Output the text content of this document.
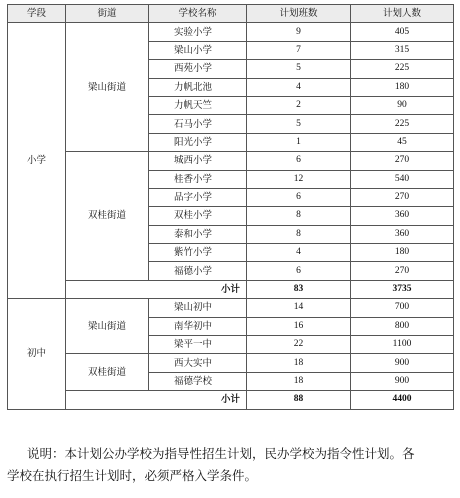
学段	街道	学校名称	计划班数	计划人数
小学	梁山街道	实验小学	9	405
		梁山小学	7	315
		西苑小学	5	225
		力帆北池	4	180
		力帆天竺	2	90
		石马小学	5	225
		阳光小学	1	45
	双桂街道	城西小学	6	270
		桂香小学	12	540
		品字小学	6	270
		双桂小学	8	360
		泰和小学	8	360
		紫竹小学	4	180
		福德小学	6	270
	小计		83	3735
初中	梁山街道	梁山初中	14	700
		南华初中	16	800
		梁平一中	22	1100
	双桂街道	西大实中	18	900
		福德学校	18	900
	小计		88	4400
说明：本计划公办学校为指导性招生计划，民办学校为指令性计划。各
学校在执行招生计划时，必须严格入学条件。
